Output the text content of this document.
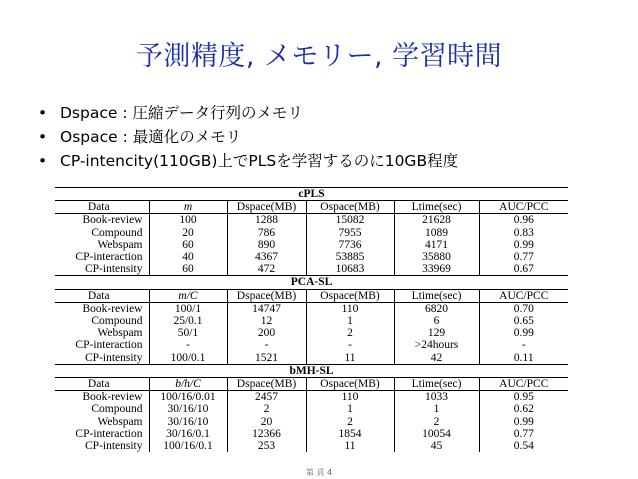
予測精度, メモリー, 学習時間
• Dspace : 圧縮データ行列のメモリ
• Ospace : 最適化のメモリ
• CP-intencity(110GB)上でPLSを学習するのに10GB程度
cPLS					
Data	m	Dspace(MB)	Ospace(MB)	Ltime(sec)	AUC/PCC
Book-review	100	1288	15082	21628	0.96
Compound	20	786	7955	1089	0.83
Webspam	60	890	7736	4171	0.99
CP-interaction	40	4367	53885	35880	0.77
CP-intensity	60	472	10683	33969	0.67
PCA-SL					
Data	m/C	Dspace(MB)	Ospace(MB)	Ltime(sec)	AUC/PCC
Book-review	100/1	14747	110	6820	0.70
Compound	25/0.1	12	1	6	0.65
Webspam	50/1	200	2	129	0.99
CP-interaction	-	-	-	>24hours	-
CP-intensity	100/0.1	1521	11	42	0.11
bMH-SL					
Data	b/h/C	Dspace(MB)	Ospace(MB)	Ltime(sec)	AUC/PCC
Book-review	100/16/0.01	2457	110	1033	0.95
Compound	30/16/10	2	1	1	0.62
Webspam	30/16/10	20	2	2	0.99
CP-interaction	30/16/0.1	12366	1854	10054	0.77
CP-intensity	100/16/0.1	253	11	45	0.54
第 頁 4
